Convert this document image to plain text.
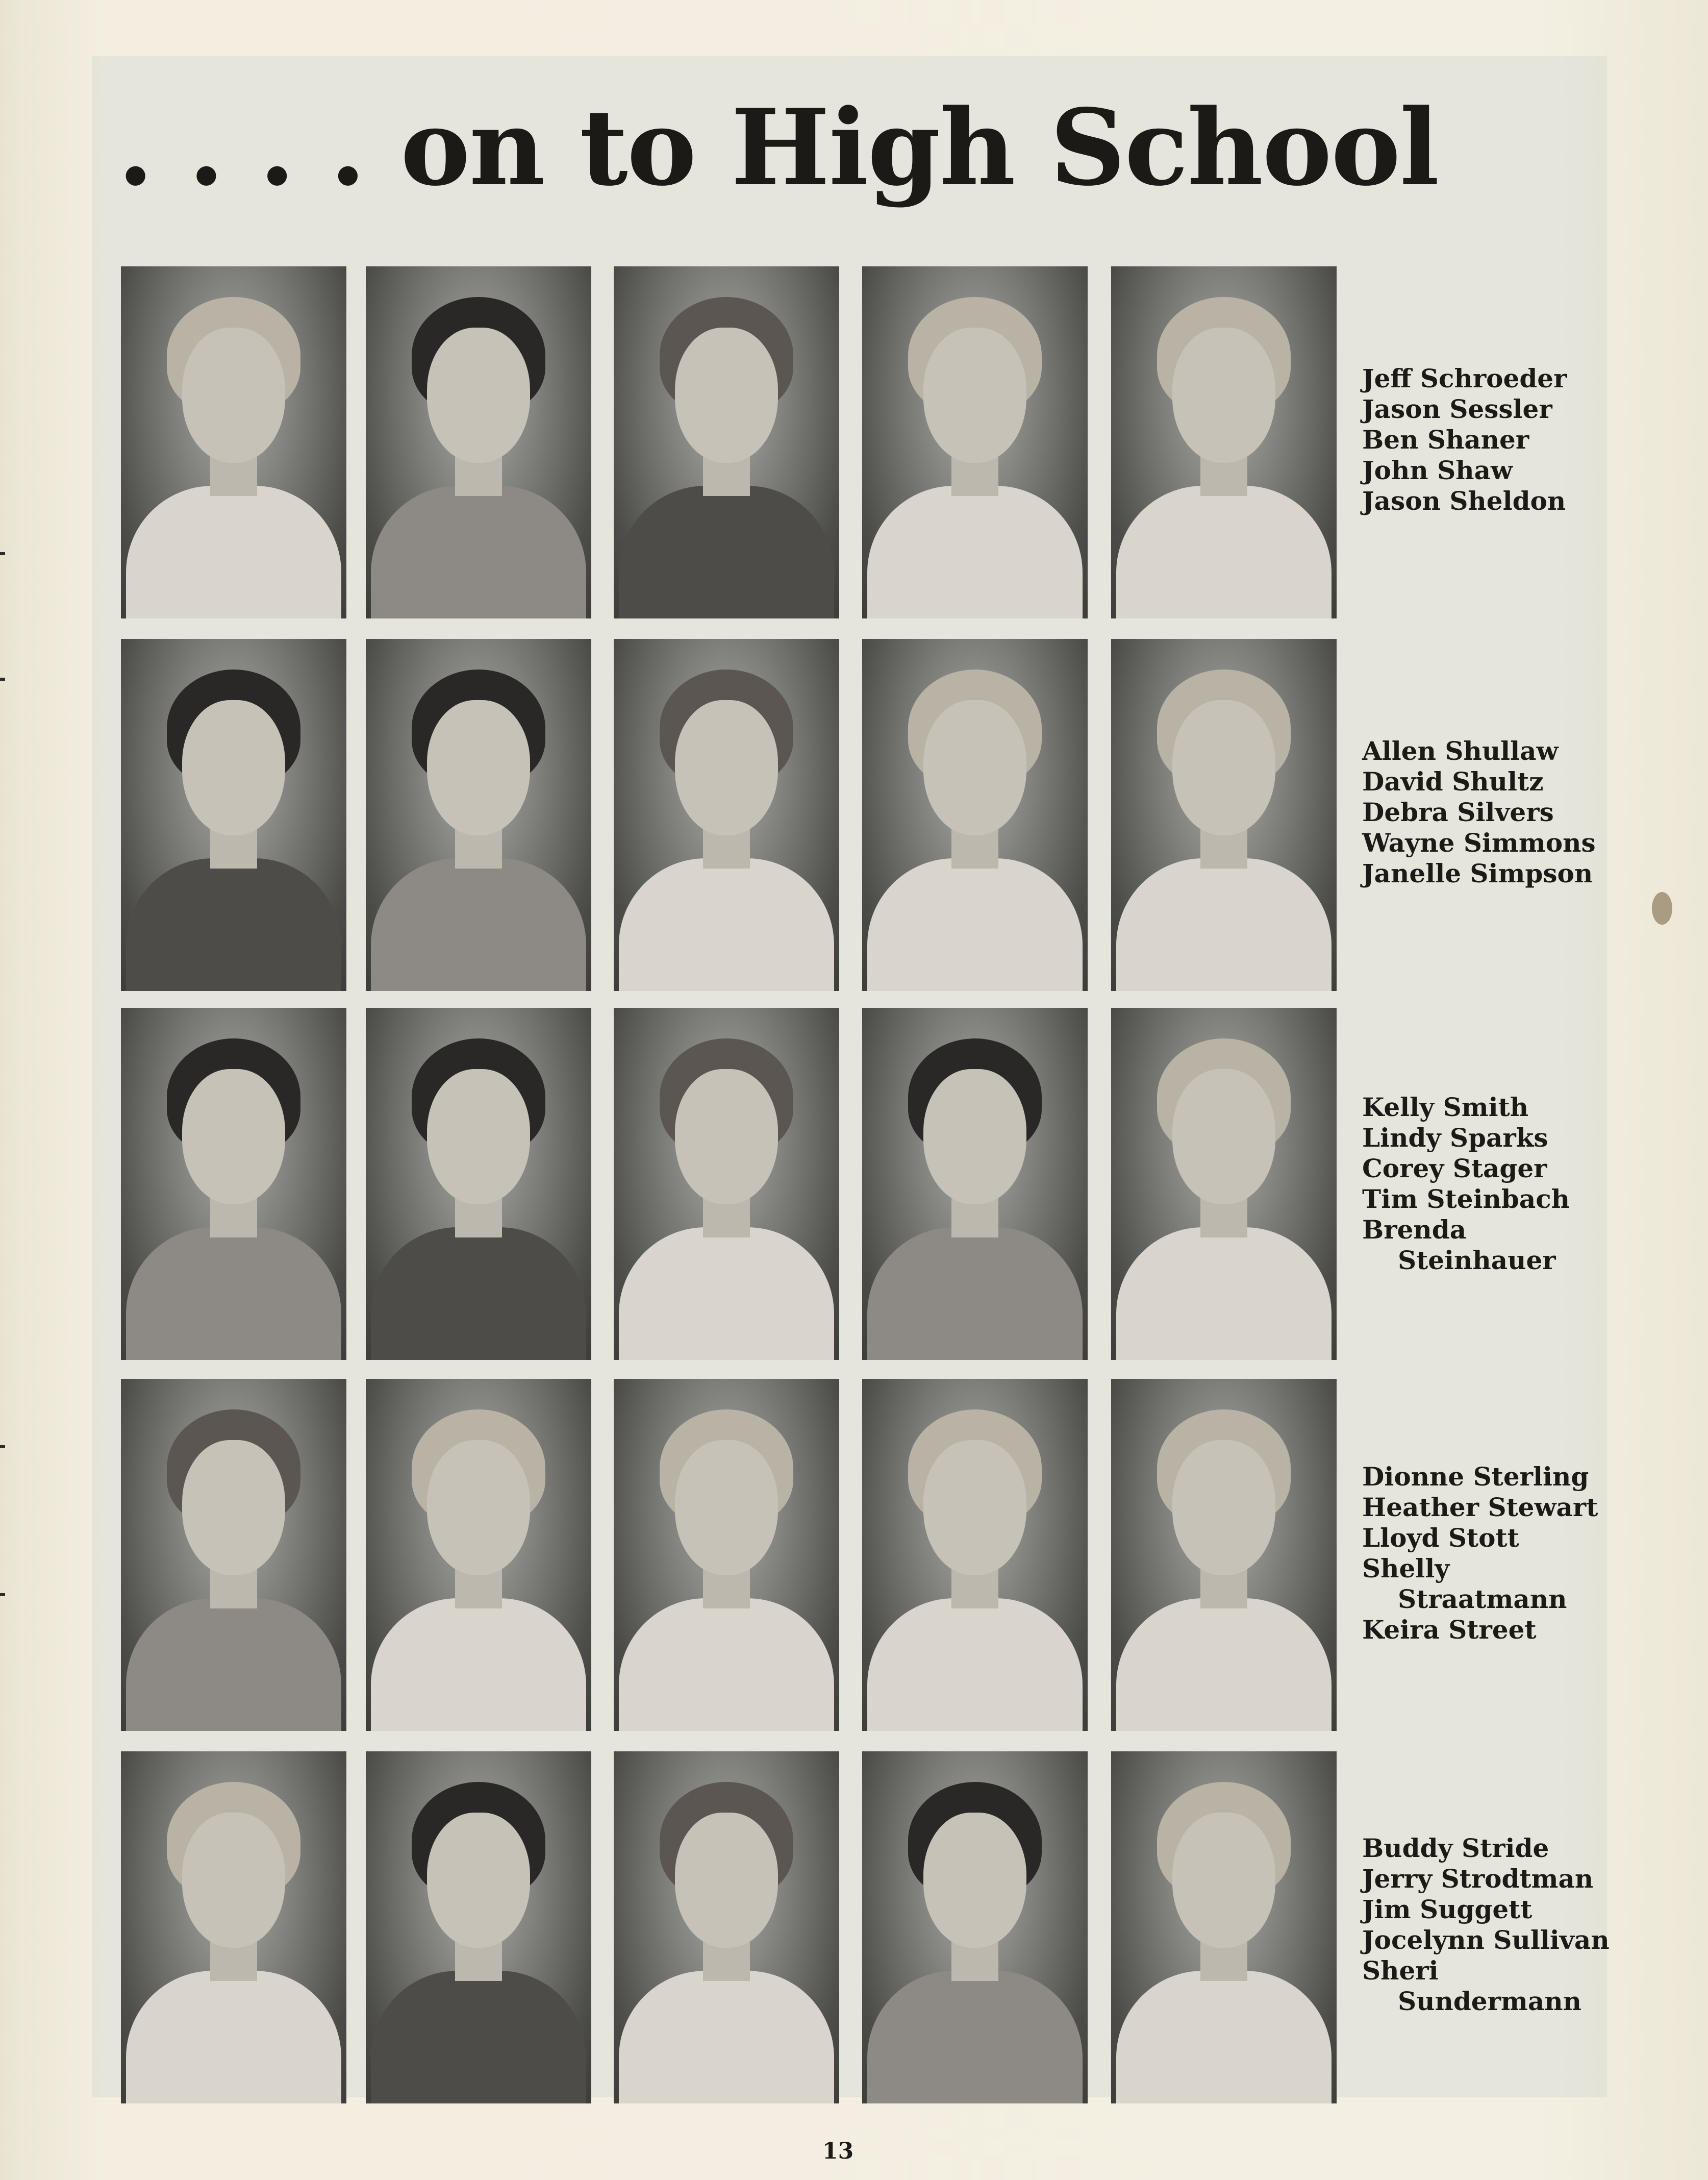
. . . . on to High School
Jeff Schroeder
Jason Sessler
Ben Shaner
John Shaw
Jason Sheldon
Allen Shullaw
David Shultz
Debra Silvers
Wayne Simmons
Janelle Simpson
Kelly Smith
Lindy Sparks
Corey Stager
Tim Steinbach
Brenda
Steinhauer
Dionne Sterling
Heather Stewart
Lloyd Stott
Shelly
Straatmann
Keira Street
Buddy Stride
Jerry Strodtman
Jim Suggett
Jocelynn Sullivan
Sheri
Sundermann
13
